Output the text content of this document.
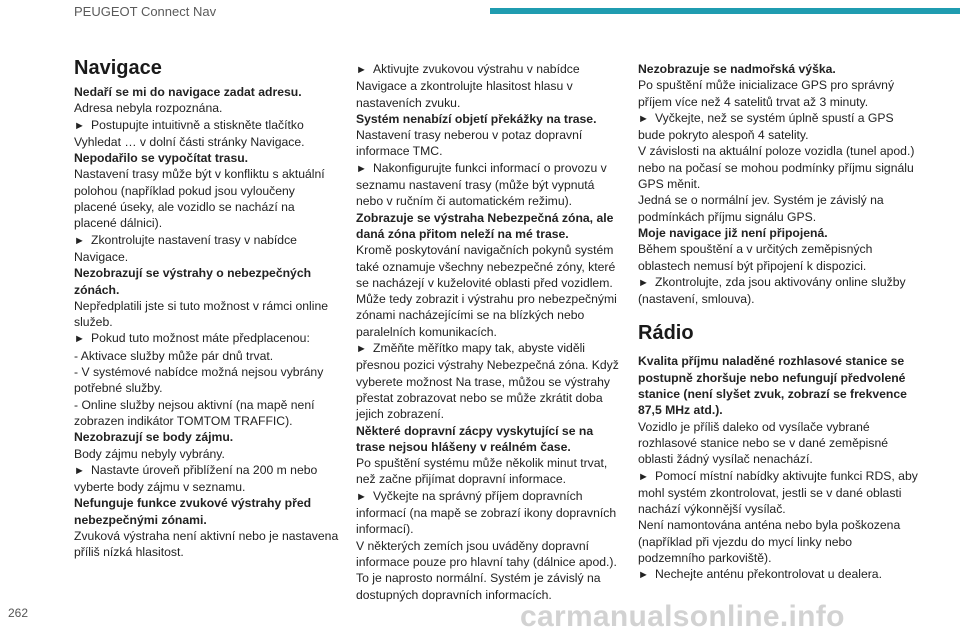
PEUGEOT Connect Nav
Navigace
Nedaří se mi do navigace zadat adresu.
Adresa nebyla rozpoznána.
►  Postupujte intuitivně a stiskněte tlačítko Vyhledat … v dolní části stránky Navigace.
Nepodařilo se vypočítat trasu.
Nastavení trasy může být v konfliktu s aktuální polohou (například pokud jsou vyloučeny placené úseky, ale vozidlo se nachází na placené dálnici).
►  Zkontrolujte nastavení trasy v nabídce Navigace.
Nezobrazují se výstrahy o nebezpečných zónách.
Nepředplatili jste si tuto možnost v rámci online služeb.
►  Pokud tuto možnost máte předplacenou:
- Aktivace služby může pár dnů trvat.
- V systémové nabídce možná nejsou vybrány potřebné služby.
- Online služby nejsou aktivní (na mapě není zobrazen indikátor TOMTOM TRAFFIC).
Nezobrazují se body zájmu.
Body zájmu nebyly vybrány.
►  Nastavte úroveň přiblížení na 200 m nebo vyberte body zájmu v seznamu.
Nefunguje funkce zvukové výstrahy před nebezpečnými zónami.
Zvuková výstraha není aktivní nebo je nastavena příliš nízká hlasitost.
►  Aktivujte zvukovou výstrahu v nabídce Navigace a zkontrolujte hlasitost hlasu v nastaveních zvuku.
Systém nenabízí objetí překážky na trase.
Nastavení trasy neberou v potaz dopravní informace TMC.
►  Nakonfigurujte funkci informací o provozu v seznamu nastavení trasy (může být vypnutá nebo v ručním či automatickém režimu).
Zobrazuje se výstraha Nebezpečná zóna, ale daná zóna přitom neleží na mé trase.
Kromě poskytování navigačních pokynů systém také oznamuje všechny nebezpečné zóny, které se nacházejí v kuželovité oblasti před vozidlem. Může tedy zobrazit i výstrahu pro nebezpečnými zónami nacházejícími se na blízkých nebo paralelních komunikacích.
►  Změňte měřítko mapy tak, abyste viděli přesnou pozici výstrahy Nebezpečná zóna. Když vyberete možnost Na trase, můžou se výstrahy přestat zobrazovat nebo se může zkrátit doba jejich zobrazení.
Některé dopravní zácpy vyskytující se na trase nejsou hlášeny v reálném čase.
Po spuštění systému může několik minut trvat, než začne přijímat dopravní informace.
►  Vyčkejte na správný příjem dopravních informací (na mapě se zobrazí ikony dopravních informací).
V některých zemích jsou uváděny dopravní informace pouze pro hlavní tahy (dálnice apod.). To je naprosto normální. Systém je závislý na dostupných dopravních informacích.
Nezobrazuje se nadmořská výška.
Po spuštění může inicializace GPS pro správný příjem více než 4 satelitů trvat až 3 minuty.
►  Vyčkejte, než se systém úplně spustí a GPS bude pokryto alespoň 4 satelity.
V závislosti na aktuální poloze vozidla (tunel apod.) nebo na počasí se mohou podmínky příjmu signálu GPS měnit.
Jedná se o normální jev. Systém je závislý na podmínkách příjmu signálu GPS.
Moje navigace již není připojená.
Během spouštění a v určitých zeměpisných oblastech nemusí být připojení k dispozici.
►  Zkontrolujte, zda jsou aktivovány online služby (nastavení, smlouva).
Rádio
Kvalita příjmu naladěné rozhlasové stanice se postupně zhoršuje nebo nefungují předvolené stanice (není slyšet zvuk, zobrazí se frekvence 87,5 MHz atd.).
Vozidlo je příliš daleko od vysílače vybrané rozhlasové stanice nebo se v dané zeměpisné oblasti žádný vysílač nenachází.
►  Pomocí místní nabídky aktivujte funkci RDS, aby mohl systém zkontrolovat, jestli se v dané oblasti nachází výkonnější vysílač.
Není namontována anténa nebo byla poškozena (například při vjezdu do mycí linky nebo podzemního parkoviště).
►  Nechejte anténu překontrolovat u dealera.
262	carmanualsonline.info
